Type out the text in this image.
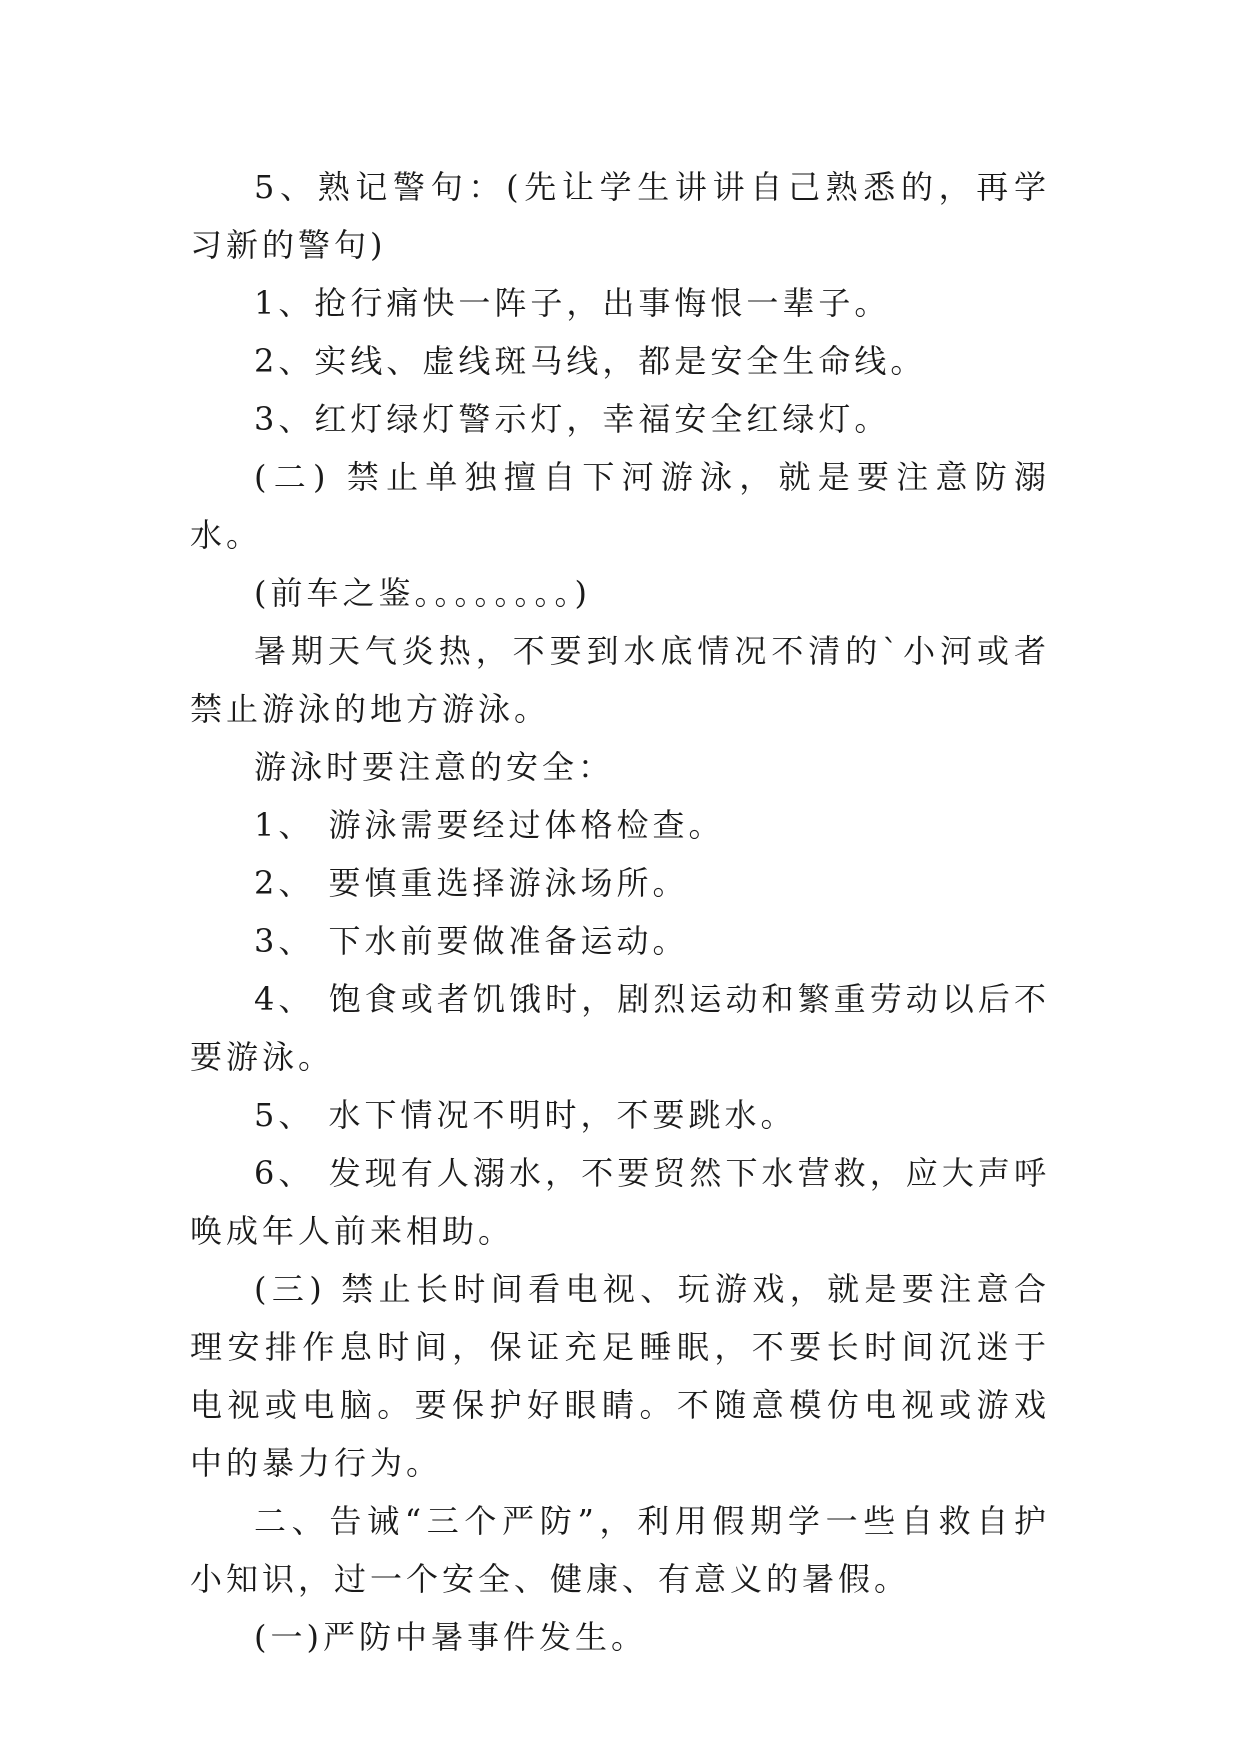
5、熟记警句：(先让学生讲讲自己熟悉的，再学习新的警句)

1、抢行痛快一阵子，出事悔恨一辈子。

2、实线、虚线斑马线，都是安全生命线。

3、红灯绿灯警示灯，幸福安全红绿灯。

(二) 禁止单独擅自下河游泳，就是要注意防溺水。

(前车之鉴。。。。。。。。)

暑期天气炎热，不要到水底情况不清的`小河或者禁止游泳的地方游泳。

游泳时要注意的安全：

1、 游泳需要经过体格检查。

2、 要慎重选择游泳场所。

3、 下水前要做准备运动。

4、 饱食或者饥饿时，剧烈运动和繁重劳动以后不要游泳。

5、 水下情况不明时，不要跳水。

6、 发现有人溺水，不要贸然下水营救，应大声呼唤成年人前来相助。

(三) 禁止长时间看电视、玩游戏，就是要注意合理安排作息时间，保证充足睡眠，不要长时间沉迷于电视或电脑。要保护好眼睛。不随意模仿电视或游戏中的暴力行为。

二、告诫“三个严防”，利用假期学一些自救自护小知识，过一个安全、健康、有意义的暑假。

(一)严防中暑事件发生。
